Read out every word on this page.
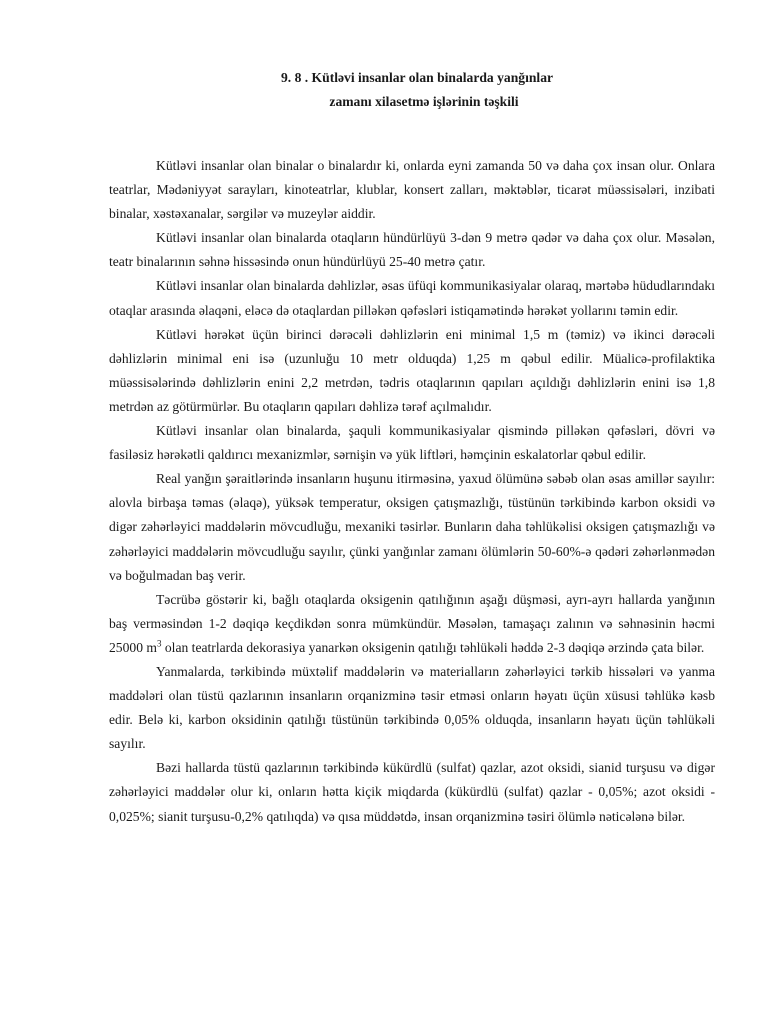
9. 8 . Kütləvi insanlar olan binalarda yanğınlar
zamanı xilasetmə işlərinin təşkili

Kütləvi insanlar olan binalar o binalardır ki, onlarda eyni zamanda 50 və daha çox insan olur. Onlara teatrlar, Mədəniyyət sarayları, kinoteatrlar, klublar, konsert zalları, məktəblər, ticarət müəssisələri, inzibati binalar, xəstəxanalar, sərgilər və muzeylər aiddir.

Kütləvi insanlar olan binalarda otaqların hündürlüyü 3-dən 9 metrə qədər və daha çox olur. Məsələn, teatr binalarının səhnə hissəsində onun hündürlüyü 25-40 metrə çatır.

Kütləvi insanlar olan binalarda dəhlizlər, əsas üfüqi kommunikasiyalar olaraq, mərtəbə hüdudlarındakı otaqlar arasında əlaqəni, eləcə də otaqlardan pilləkən qəfəsləri istiqamətində hərəkət yollarını təmin edir.

Kütləvi hərəkət üçün birinci dərəcəli dəhlizlərin eni minimal 1,5 m (təmiz) və ikinci dərəcəli dəhlizlərin minimal eni isə (uzunluğu 10 metr olduqda) 1,25 m qəbul edilir. Müalicə-profilaktika müəssisələrində dəhlizlərin enini 2,2 metrdən, tədris otaqlarının qapıları açıldığı dəhlizlərin enini isə 1,8 metrdən az götürmürlər. Bu otaqların qapıları dəhlizə tərəf açılmalıdır.

Kütləvi insanlar olan binalarda, şaquli kommunikasiyalar qismində pilləkən qəfəsləri, dövri və fasiləsiz hərəkətli qaldırıcı mexanizmlər, sərnişin və yük liftləri, həmçinin eskalatorlar qəbul edilir.

Real yanğın şəraitlərində insanların huşunu itirməsinə, yaxud ölümünə səbəb olan əsas amillər sayılır: alovla birbaşa təmas (əlaqə), yüksək temperatur, oksigen çatışmazlığı, tüstünün tərkibində karbon oksidi və digər zəhərləyici maddələrin mövcudluğu, mexaniki təsirlər. Bunların daha təhlükəlisi oksigen çatışmazlığı və zəhərləyici maddələrin mövcudluğu sayılır, çünki yanğınlar zamanı ölümlərin 50-60%-ə qədəri zəhərlənmədən və boğulmadan baş verir.

Təcrübə göstərir ki, bağlı otaqlarda oksigenin qatılığının aşağı düşməsi, ayrı-ayrı hallarda yanğının baş verməsindən 1-2 dəqiqə keçdikdən sonra mümkündür. Məsələn, tamaşaçı zalının və səhnəsinin həcmi 25000 $m^3$ olan teatrlarda dekorasiya yanarkən oksigenin qatılığı təhlükəli həddə 2-3 dəqiqə ərzində çata bilər.

Yanmalarda, tərkibində müxtəlif maddələrin və materialların zəhərləyici tərkib hissələri və yanma maddələri olan tüstü qazlarının insanların orqanizminə təsir etməsi onların həyatı üçün xüsusi təhlükə kəsb edir. Belə ki, karbon oksidinin qatılığı tüstünün tərkibində 0,05% olduqda, insanların həyatı üçün təhlükəli sayılır.

Bəzi hallarda tüstü qazlarının tərkibində kükürdlü (sulfat) qazlar, azot oksidi, sianid turşusu və digər zəhərləyici maddələr olur ki, onların hətta kiçik miqdarda (kükürdlü (sulfat) qazlar - 0,05%; azot oksidi - 0,025%; sianit turşusu-0,2% qatılıqda) və qısa müddətdə, insan orqanizminə təsiri ölümlə nəticələnə bilər.
